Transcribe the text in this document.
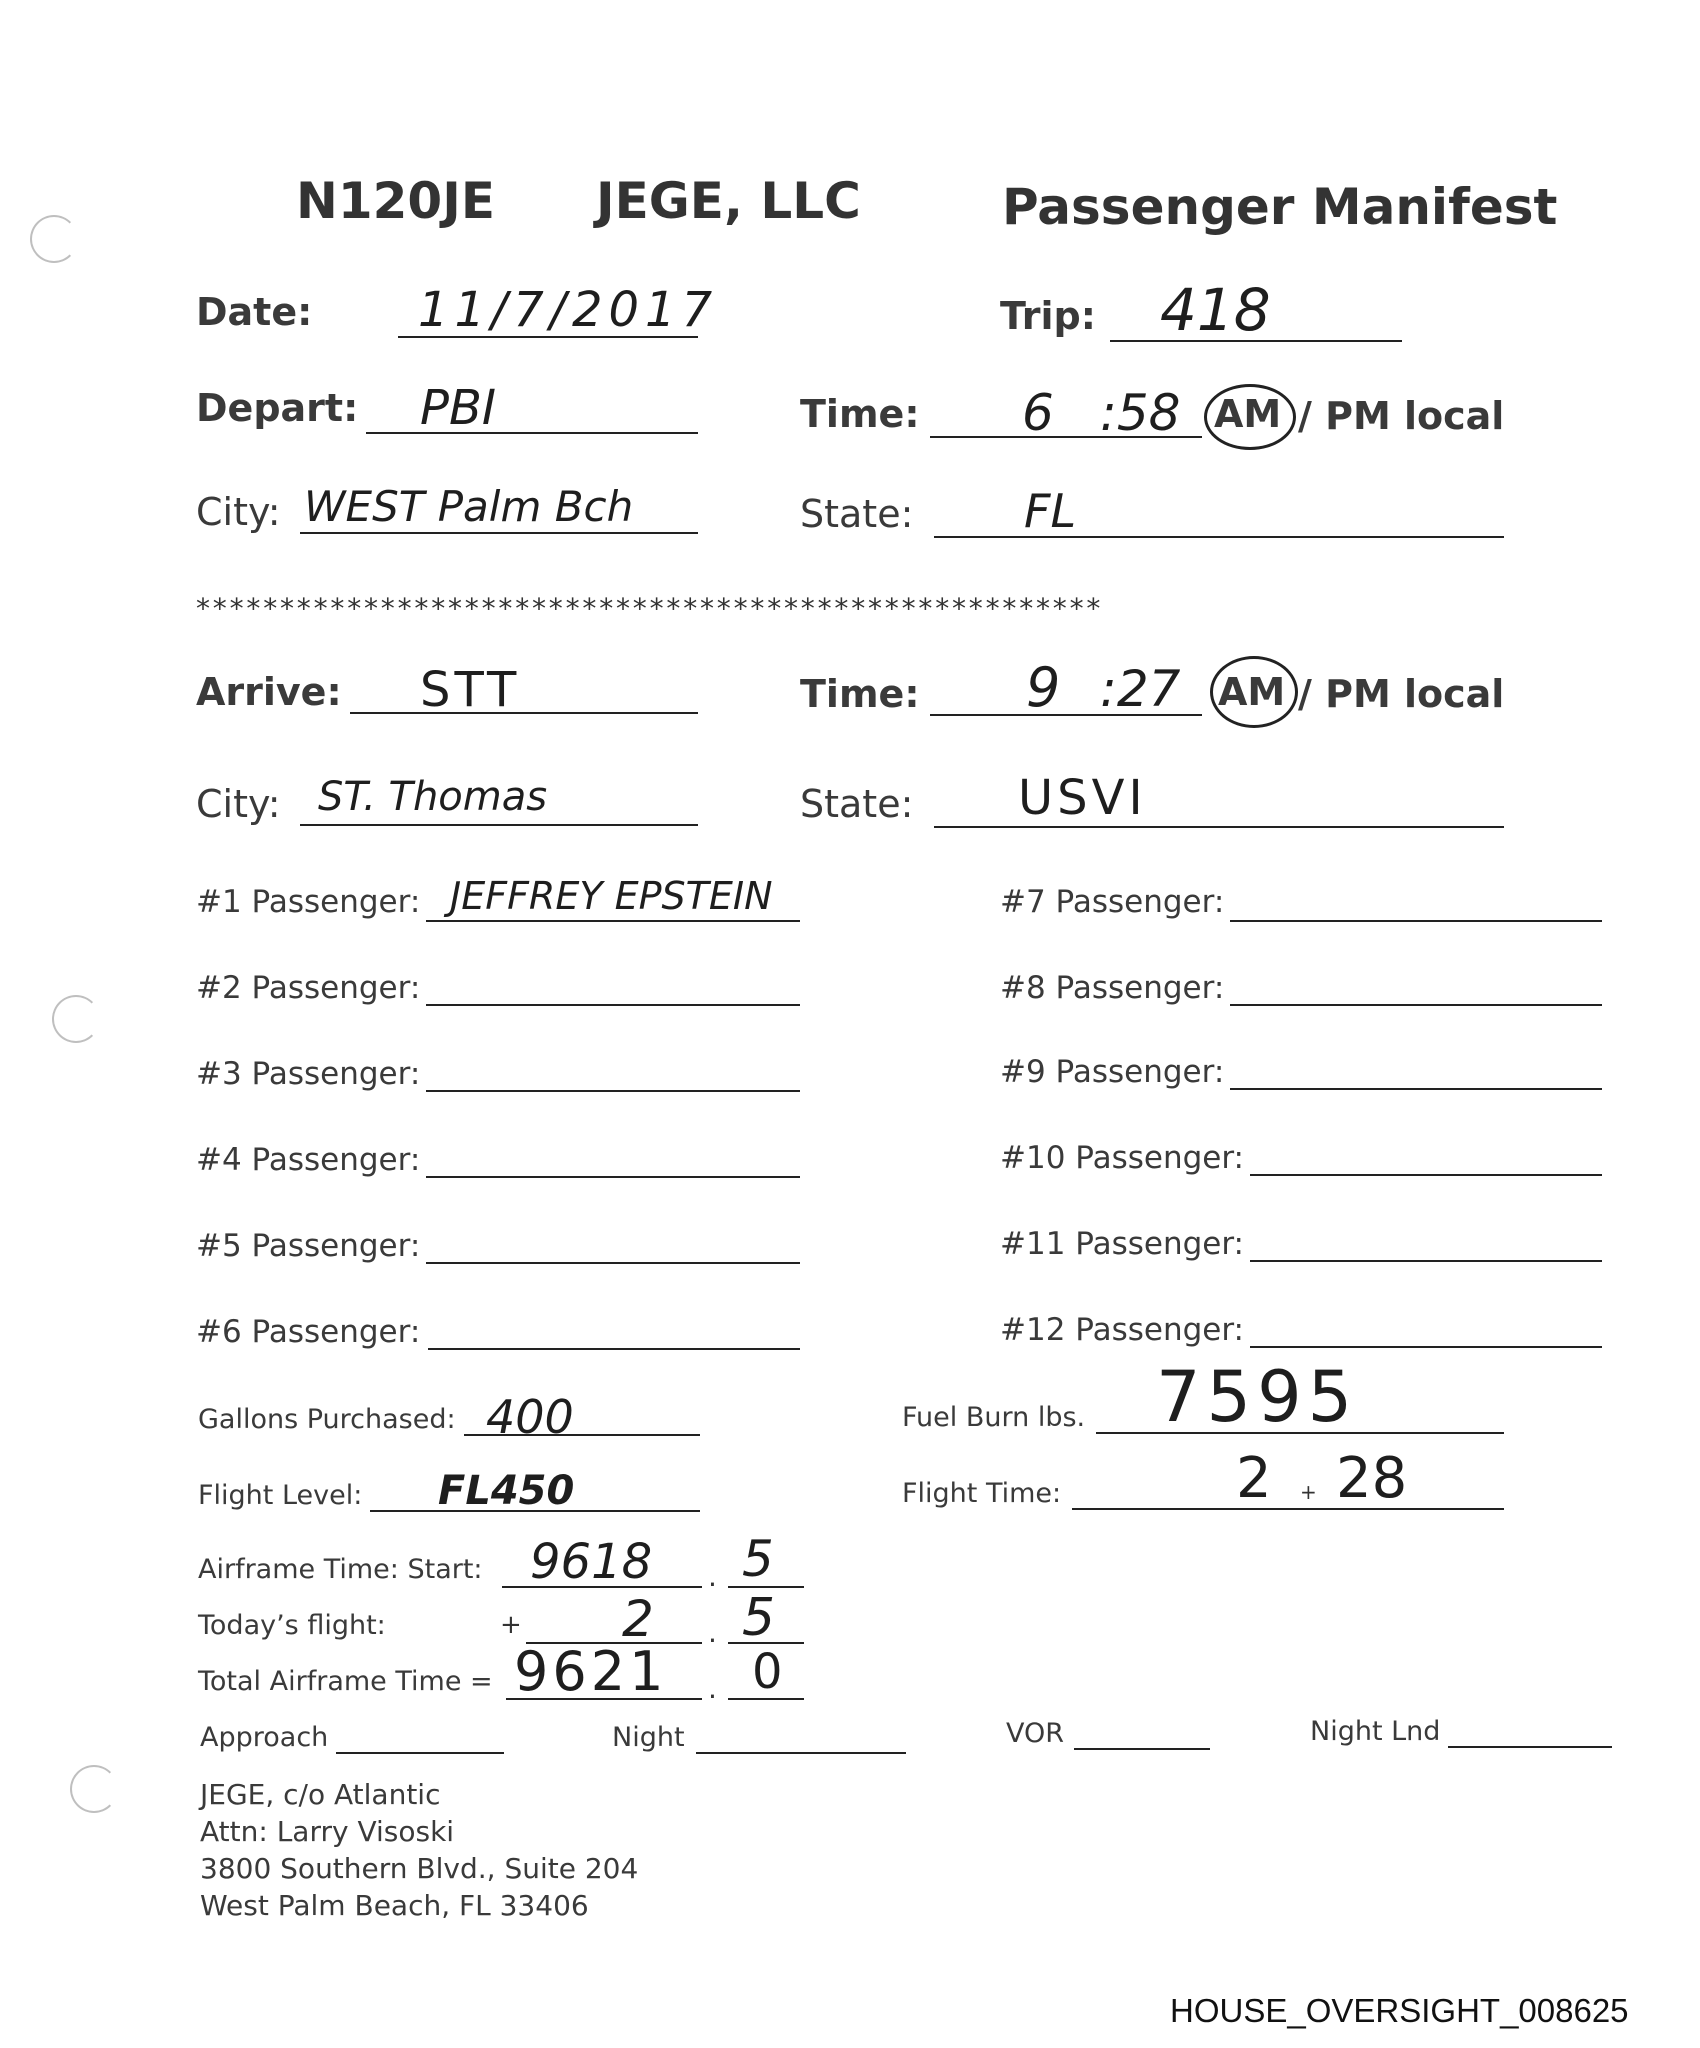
N120JE JEGE, LLC	Passenger Manifest
Date: 11/7/2017	Trip: 418
Depart: PBI	Time: 6 :58 AM / PM local
City: WEST Palm Bch	State: FL
******************************************************
Arrive: STT	Time: 9 :27 AM / PM local
City: ST. Thomas	State: USVI
#1 Passenger: JEFFREY EPSTEIN
#2 Passenger:
#3 Passenger:
#4 Passenger:
#5 Passenger:
#6 Passenger:
#7 Passenger:
#8 Passenger:
#9 Passenger:
#10 Passenger:
#11 Passenger:
#12 Passenger:
Gallons Purchased: 400	Fuel Burn lbs. 7595
Flight Level: FL450	Flight Time:	2 + 28
Airframe Time: Start: 9618 . 5
Today’s flight:	+ 2 . 5
Total Airframe Time = 9621 . 0
Approach	Night	VOR	Night Lnd
JEGE, c/o Atlantic
Attn: Larry Visoski
3800 Southern Blvd., Suite 204
West Palm Beach, FL 33406
HOUSE_OVERSIGHT_008625
